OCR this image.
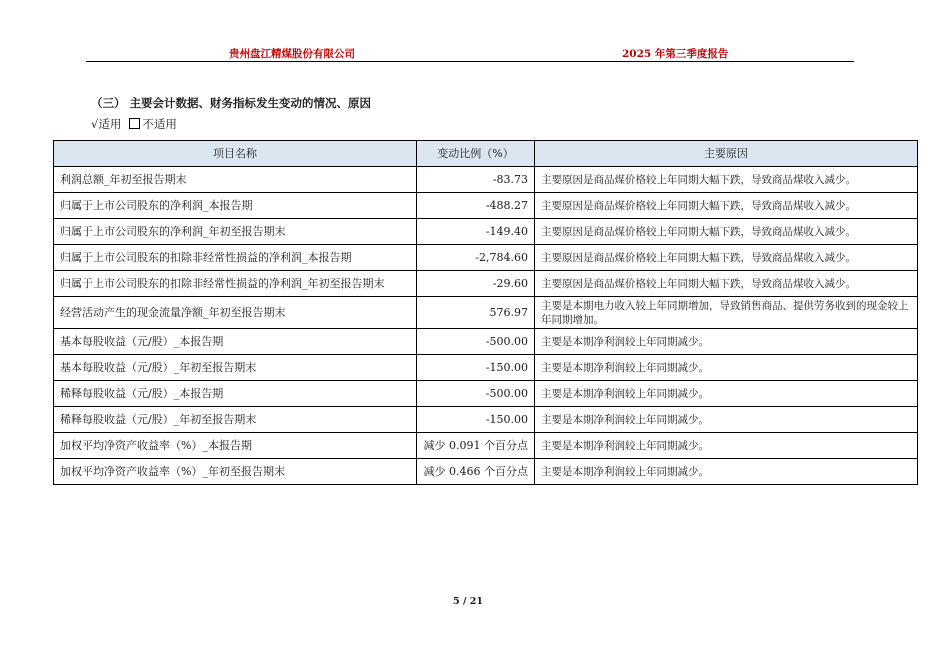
贵州盘江精煤股份有限公司	2025 年第三季度报告
（三） 主要会计数据、财务指标发生变动的情况、原因
√适用 不适用
项目名称	变动比例（%）	主要原因
利润总额_年初至报告期末	-83.73	主要原因是商品煤价格较上年同期大幅下跌，导致商品煤收入减少。
归属于上市公司股东的净利润_本报告期	-488.27	主要原因是商品煤价格较上年同期大幅下跌，导致商品煤收入减少。
归属于上市公司股东的净利润_年初至报告期末	-149.40	主要原因是商品煤价格较上年同期大幅下跌，导致商品煤收入减少。
归属于上市公司股东的扣除非经常性损益的净利润_本报告期	-2,784.60	主要原因是商品煤价格较上年同期大幅下跌，导致商品煤收入减少。
归属于上市公司股东的扣除非经常性损益的净利润_年初至报告期末	-29.60	主要原因是商品煤价格较上年同期大幅下跌，导致商品煤收入减少。
经营活动产生的现金流量净额_年初至报告期末	576.97	主要是本期电力收入较上年同期增加，导致销售商品、提供劳务收到的现金较上年同期增加。
基本每股收益（元/股）_本报告期	-500.00	主要是本期净利润较上年同期减少。
基本每股收益（元/股）_年初至报告期末	-150.00	主要是本期净利润较上年同期减少。
稀释每股收益（元/股）_本报告期	-500.00	主要是本期净利润较上年同期减少。
稀释每股收益（元/股）_年初至报告期末	-150.00	主要是本期净利润较上年同期减少。
加权平均净资产收益率（%）_本报告期	减少 0.091 个百分点	主要是本期净利润较上年同期减少。
加权平均净资产收益率（%）_年初至报告期末	减少 0.466 个百分点	主要是本期净利润较上年同期减少。
5 / 21
